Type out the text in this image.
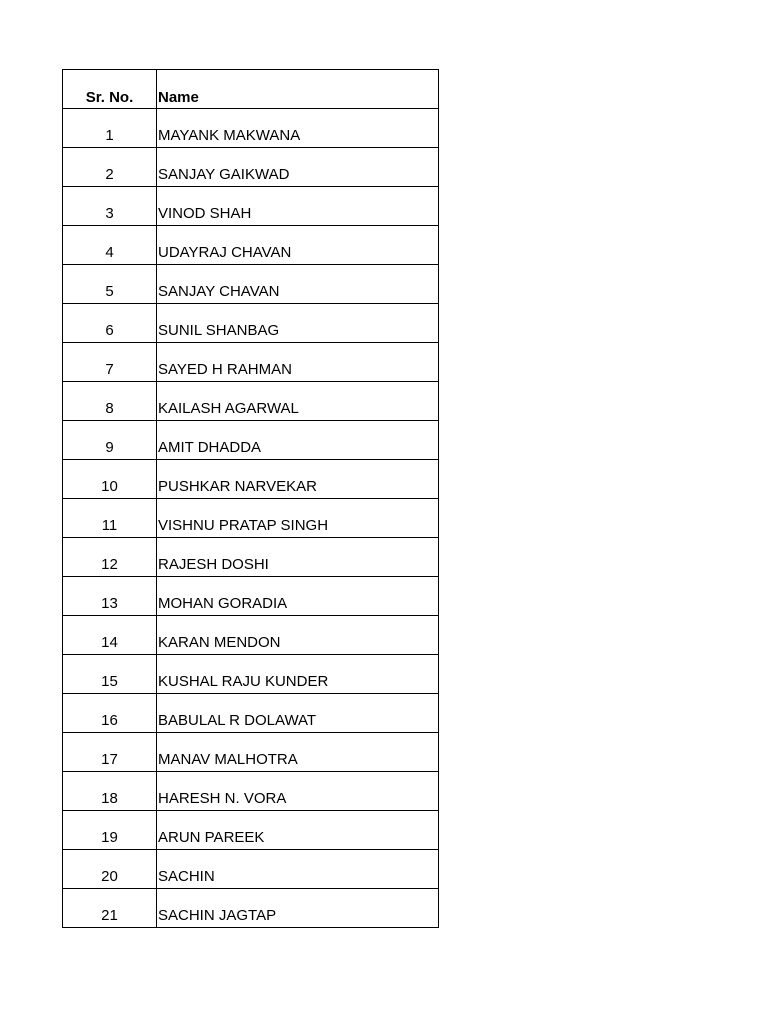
Sr. No.	Name
1	MAYANK MAKWANA
2	SANJAY GAIKWAD
3	VINOD SHAH
4	UDAYRAJ CHAVAN
5	SANJAY CHAVAN
6	SUNIL SHANBAG
7	SAYED H RAHMAN
8	KAILASH AGARWAL
9	AMIT DHADDA
10	PUSHKAR NARVEKAR
11	VISHNU PRATAP SINGH
12	RAJESH DOSHI
13	MOHAN GORADIA
14	KARAN MENDON
15	KUSHAL RAJU KUNDER
16	BABULAL R DOLAWAT
17	MANAV MALHOTRA
18	HARESH N. VORA
19	ARUN PAREEK
20	SACHIN
21	SACHIN JAGTAP
